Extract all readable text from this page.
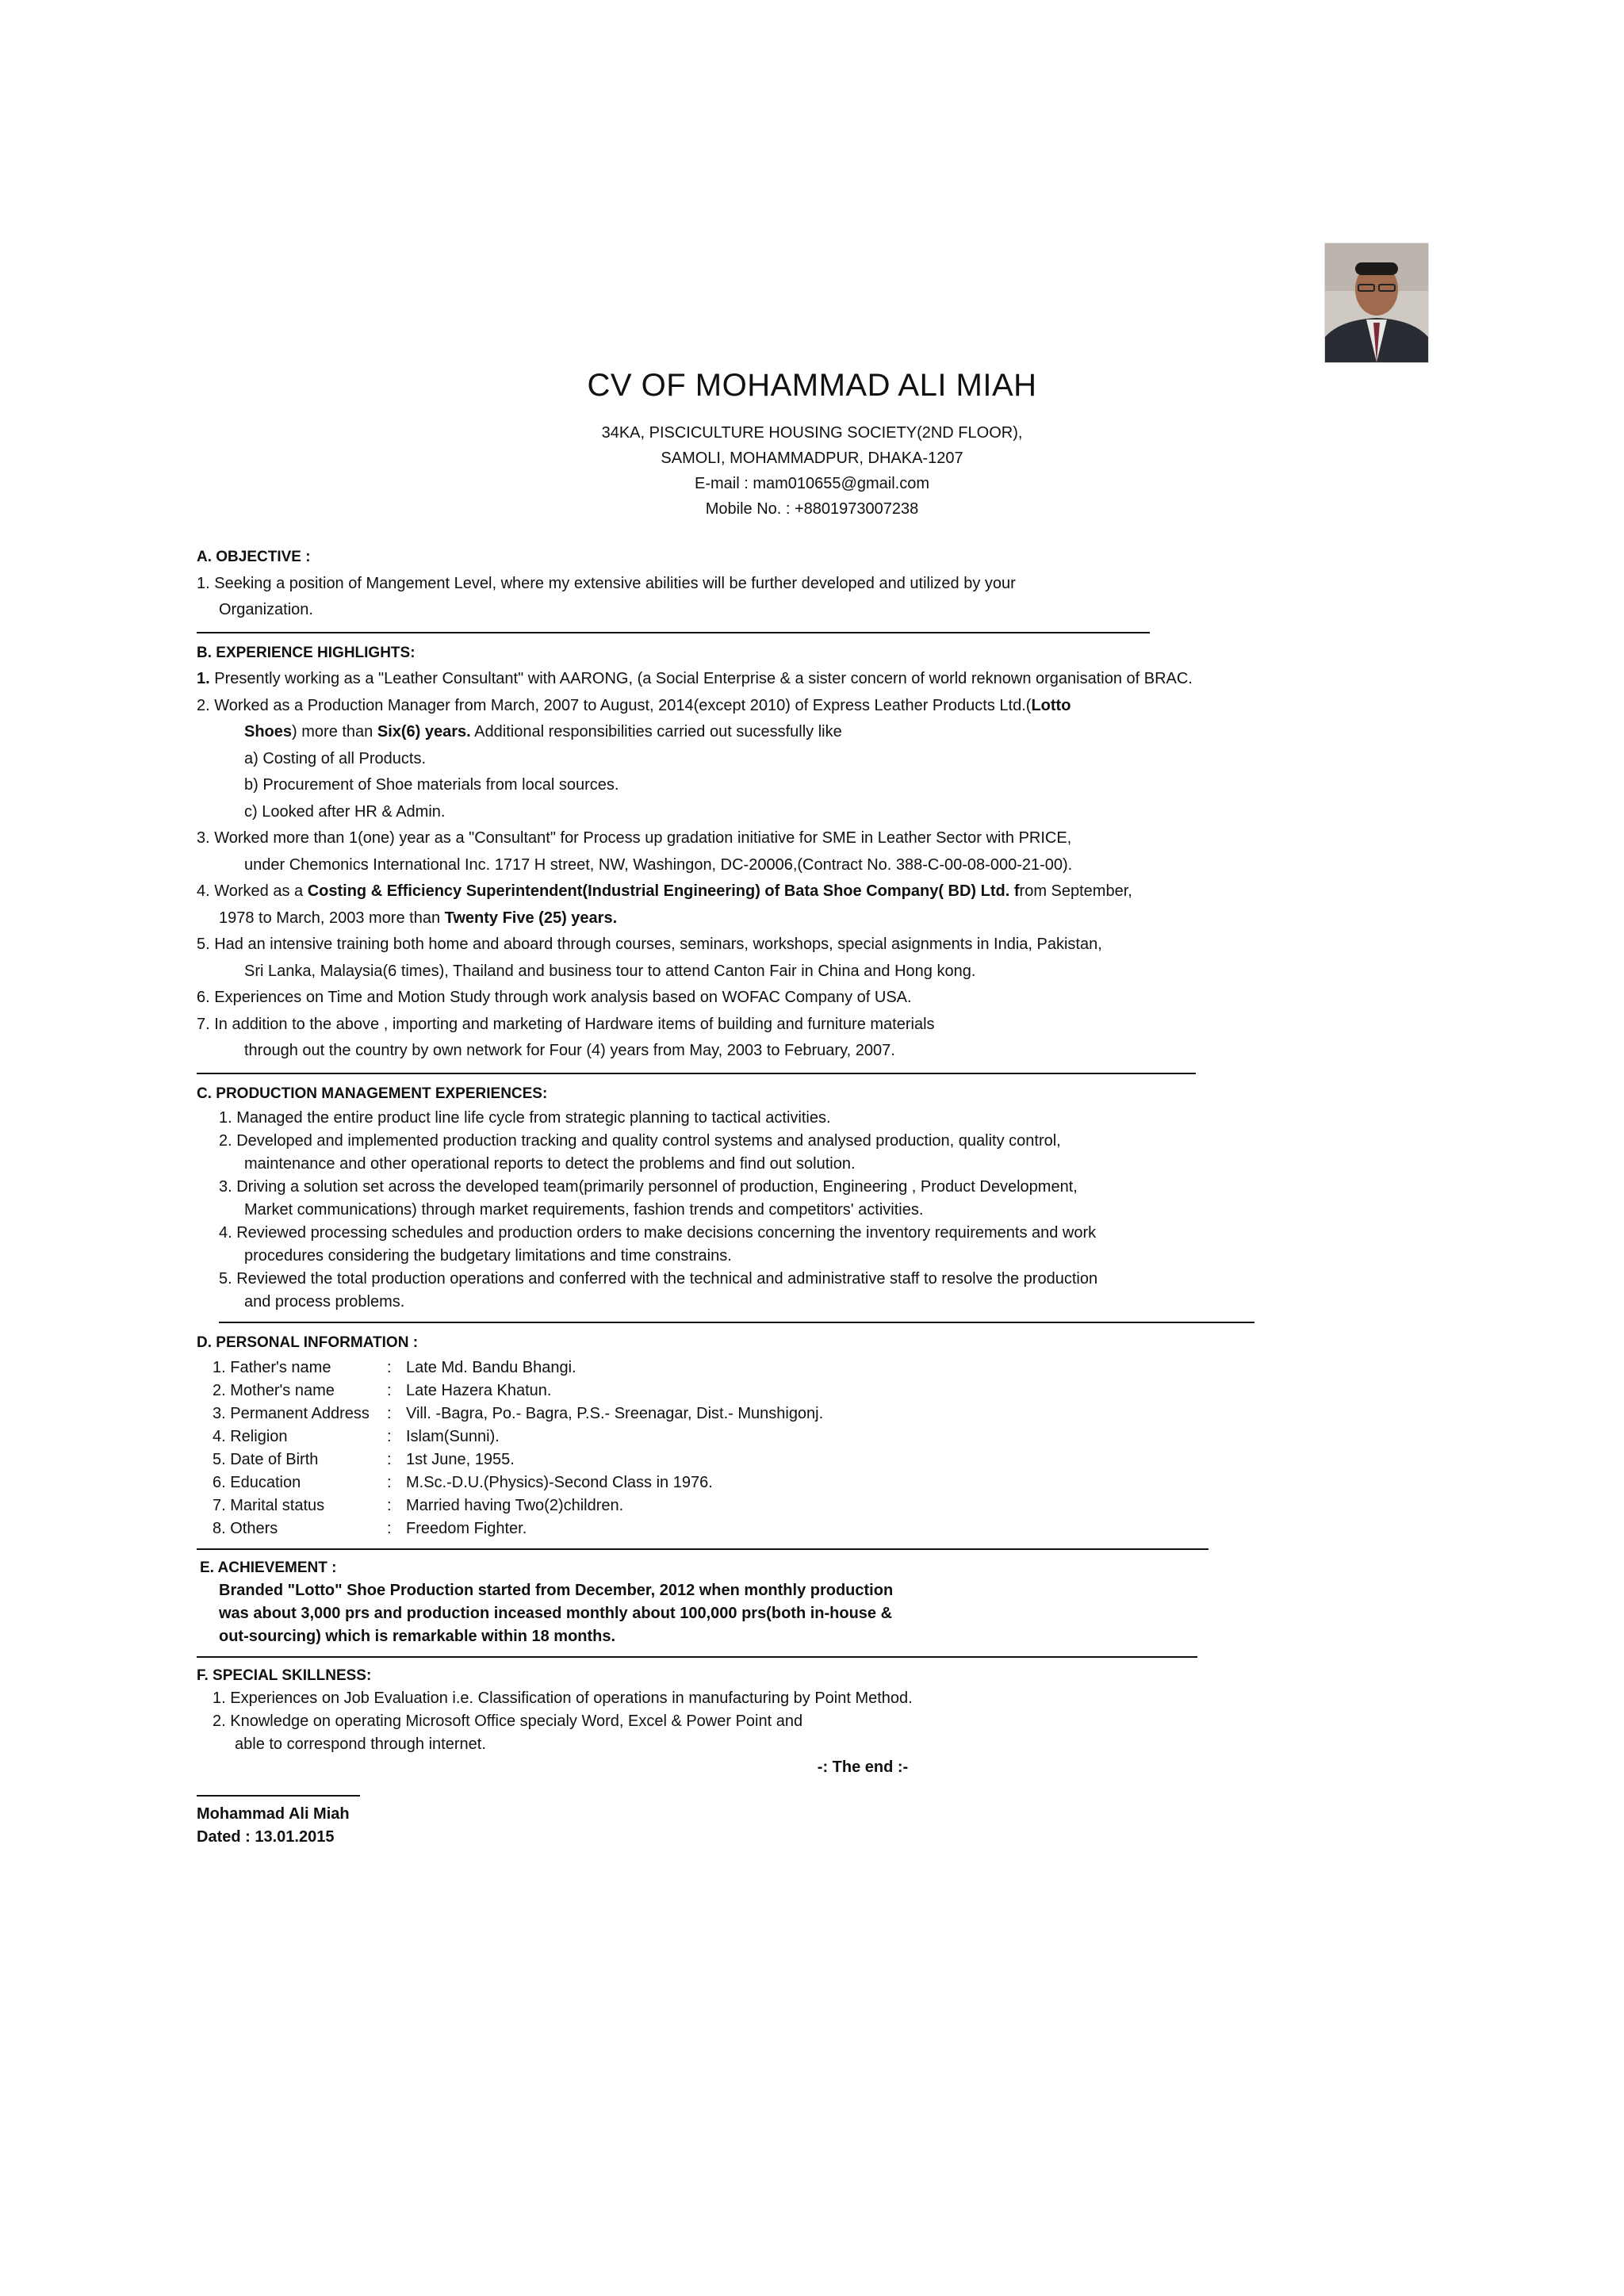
CV OF MOHAMMAD ALI MIAH
34KA, PISCICULTURE HOUSING SOCIETY(2ND FLOOR),
SAMOLI, MOHAMMADPUR, DHAKA-1207
E-mail : mam010655@gmail.com
Mobile No. : +8801973007238
A. OBJECTIVE :
1. Seeking a position of Mangement Level, where my extensive abilities will be further developed and utilized by your
Organization.
B. EXPERIENCE HIGHLIGHTS:
1. Presently working as a "Leather Consultant" with AARONG, (a Social Enterprise & a sister concern of world reknown organisation of BRAC.
2. Worked as a Production Manager from March, 2007 to August, 2014(except 2010) of Express Leather Products Ltd.(Lotto
Shoes) more than Six(6) years. Additional responsibilities carried out sucessfully like
a) Costing of all Products.
b) Procurement of Shoe materials from local sources.
c) Looked after HR & Admin.
3. Worked more than 1(one) year as a "Consultant" for Process up gradation initiative for SME in Leather Sector with PRICE,
under Chemonics International Inc. 1717 H street, NW, Washingon, DC-20006,(Contract No. 388-C-00-08-000-21-00).
4. Worked as a Costing & Efficiency Superintendent(Industrial Engineering) of Bata Shoe Company( BD) Ltd. from September,
1978 to March, 2003 more than Twenty Five (25) years.
5. Had an intensive training both home and aboard through courses, seminars, workshops, special asignments in India, Pakistan,
Sri Lanka, Malaysia(6 times), Thailand and business tour to attend Canton Fair in China and Hong kong.
6. Experiences on Time and Motion Study through work analysis based on WOFAC Company of USA.
7. In addition to the above , importing and marketing of Hardware items of building and furniture materials
through out the country by own network for Four (4) years from May, 2003 to February, 2007.
C. PRODUCTION MANAGEMENT EXPERIENCES:
1. Managed the entire product line life cycle from strategic planning to tactical activities.
2. Developed and implemented production tracking and quality control systems and analysed production, quality control,
maintenance and other operational reports to detect the problems and find out solution.
3. Driving a solution set across the developed team(primarily personnel of production, Engineering , Product Development,
Market communications) through market requirements, fashion trends and competitors' activities.
4. Reviewed processing schedules and production orders to make decisions concerning the inventory requirements and work
procedures considering the budgetary limitations and time constrains.
5. Reviewed the total production operations and conferred with the technical and administrative staff to resolve the production
and process problems.
D. PERSONAL INFORMATION :
1. Father's name	: Late Md. Bandu Bhangi.
2. Mother's name	: Late Hazera Khatun.
3. Permanent Address	: Vill. -Bagra, Po.- Bagra, P.S.- Sreenagar, Dist.- Munshigonj.
4. Religion	: Islam(Sunni).
5. Date of Birth	: 1st June, 1955.
6. Education	: M.Sc.-D.U.(Physics)-Second Class in 1976.
7. Marital status	: Married having Two(2)children.
8. Others	: Freedom Fighter.
E. ACHIEVEMENT :
Branded "Lotto" Shoe Production started from December, 2012 when monthly production
was about 3,000 prs and production inceased monthly about 100,000 prs(both in-house &
out-sourcing) which is remarkable within 18 months.
F. SPECIAL SKILLNESS:
1. Experiences on Job Evaluation i.e. Classification of operations in manufacturing by Point Method.
2. Knowledge on operating Microsoft Office specialy Word, Excel & Power Point and
able to correspond through internet.
-: The end :-
Mohammad Ali Miah
Dated : 13.01.2015
